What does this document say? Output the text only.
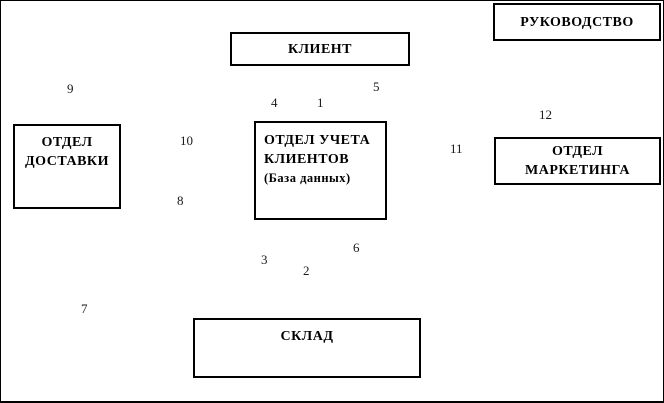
КЛИЕНТ
РУКОВОДСТВО
ОТДЕЛ
ДОСТАВКИ
ОТДЕЛ УЧЕТА
КЛИЕНТОВ
(База данных)
ОТДЕЛ
МАРКЕТИНГА
СКЛАД
1
2
3
4
5
6
7
8
9
10
11
12
